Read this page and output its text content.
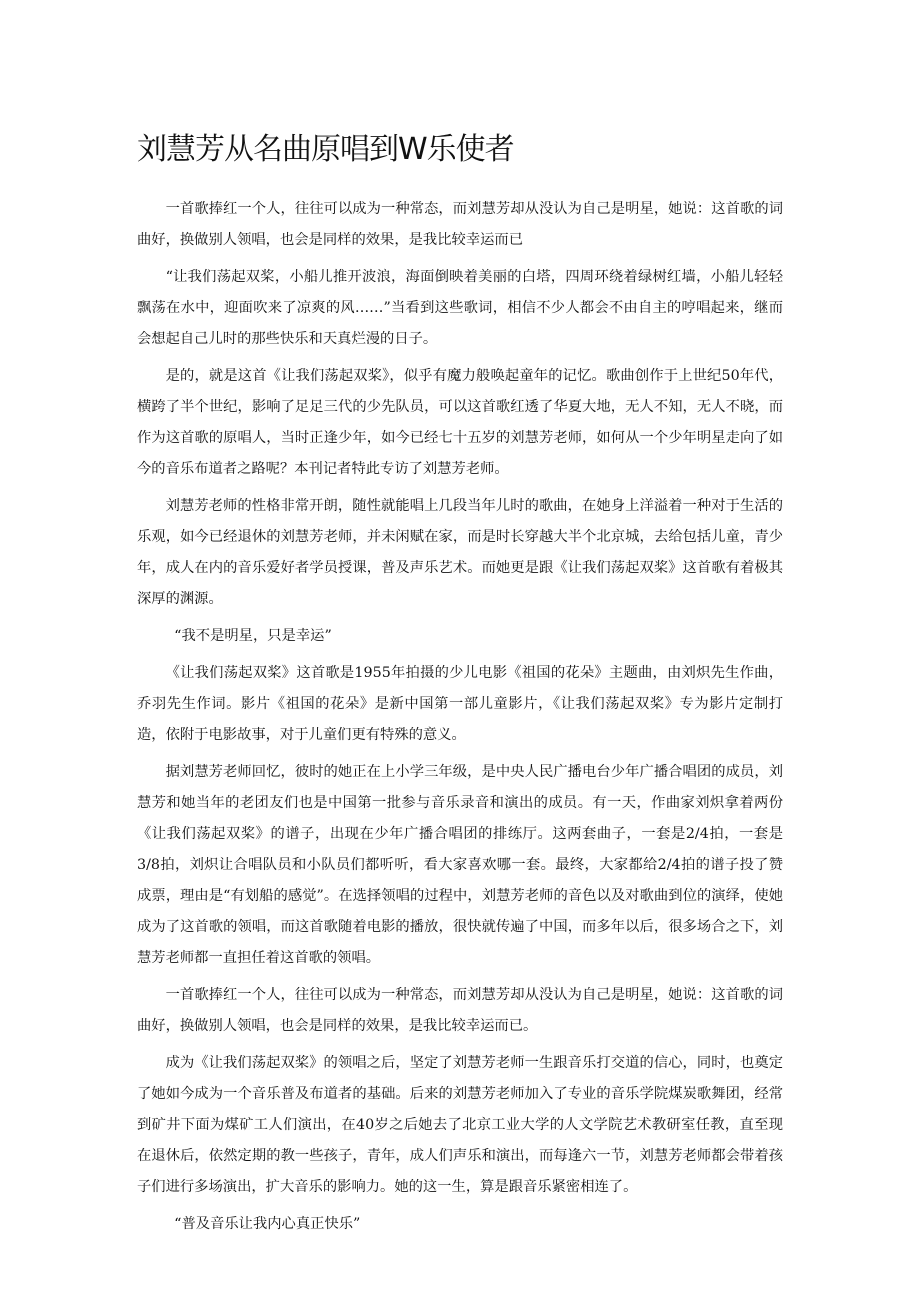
刘慧芳从名曲原唱到W乐使者

一首歌捧红一个人，往往可以成为一种常态，而刘慧芳却从没认为自己是明星，她说：这首歌的词曲好，换做别人领唱，也会是同样的效果，是我比较幸运而已

“让我们荡起双桨，小船儿推开波浪，海面倒映着美丽的白塔，四周环绕着绿树红墙，小船儿轻轻飘荡在水中，迎面吹来了凉爽的风……”当看到这些歌词，相信不少人都会不由自主的哼唱起来，继而会想起自己儿时的那些快乐和天真烂漫的日子。

是的，就是这首《让我们荡起双桨》，似乎有魔力般唤起童年的记忆。歌曲创作于上世纪50年代，横跨了半个世纪，影响了足足三代的少先队员，可以这首歌红透了华夏大地，无人不知，无人不晓，而作为这首歌的原唱人，当时正逢少年，如今已经七十五岁的刘慧芳老师，如何从一个少年明星走向了如今的音乐布道者之路呢？本刊记者特此专访了刘慧芳老师。

刘慧芳老师的性格非常开朗，随性就能唱上几段当年儿时的歌曲，在她身上洋溢着一种对于生活的乐观，如今已经退休的刘慧芳老师，并未闲赋在家，而是时长穿越大半个北京城，去给包括儿童，青少年，成人在内的音乐爱好者学员授课，普及声乐艺术。而她更是跟《让我们荡起双桨》这首歌有着极其深厚的渊源。

“我不是明星，只是幸运”

《让我们荡起双桨》这首歌是1955年拍摄的少儿电影《祖国的花朵》主题曲，由刘炽先生作曲，乔羽先生作词。影片《祖国的花朵》是新中国第一部儿童影片，《让我们荡起双桨》专为影片定制打造，依附于电影故事，对于儿童们更有特殊的意义。

据刘慧芳老师回忆，彼时的她正在上小学三年级，是中央人民广播电台少年广播合唱团的成员，刘慧芳和她当年的老团友们也是中国第一批参与音乐录音和演出的成员。有一天，作曲家刘炽拿着两份《让我们荡起双桨》的谱子，出现在少年广播合唱团的排练厅。这两套曲子，一套是2/4拍，一套是3/8拍，刘炽让合唱队员和小队员们都听听，看大家喜欢哪一套。最终，大家都给2/4拍的谱子投了赞成票，理由是“有划船的感觉”。在选择领唱的过程中，刘慧芳老师的音色以及对歌曲到位的演绎，使她成为了这首歌的领唱，而这首歌随着电影的播放，很快就传遍了中国，而多年以后，很多场合之下，刘慧芳老师都一直担任着这首歌的领唱。

一首歌捧红一个人，往往可以成为一种常态，而刘慧芳却从没认为自己是明星，她说：这首歌的词曲好，换做别人领唱，也会是同样的效果，是我比较幸运而已。

成为《让我们荡起双桨》的领唱之后，坚定了刘慧芳老师一生跟音乐打交道的信心，同时，也奠定了她如今成为一个音乐普及布道者的基础。后来的刘慧芳老师加入了专业的音乐学院煤炭歌舞团，经常到矿井下面为煤矿工人们演出，在40岁之后她去了北京工业大学的人文学院艺术教研室任教，直至现在退休后，依然定期的教一些孩子，青年，成人们声乐和演出，而每逢六一节，刘慧芳老师都会带着孩子们进行多场演出，扩大音乐的影响力。她的这一生，算是跟音乐紧密相连了。

“普及音乐让我内心真正快乐”
